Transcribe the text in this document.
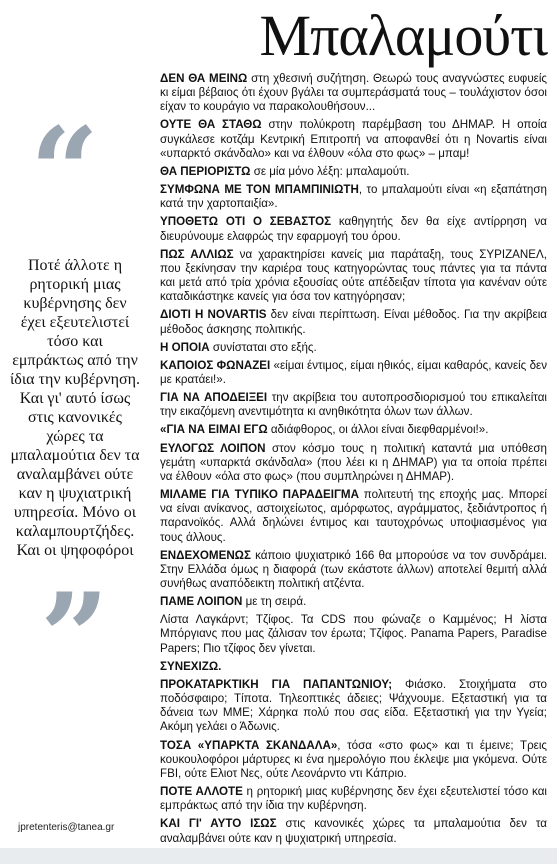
Μπαλαμούτι
“

Ποτέ άλλοτε η ρητορική μιας κυβέρνησης δεν έχει εξευτελιστεί τόσο και εμπράκτως από την ίδια την κυβέρνηση. Και γι' αυτό ίσως στις κανονικές χώρες τα μπαλαμούτια δεν τα αναλαμβάνει ούτε καν η ψυχιατρική υπηρεσία. Μόνο οι καλαμπουρτζήδες. Και οι ψηφοφόροι

”
jpretenteris@tanea.gr

ΔΕΝ ΘΑ ΜΕΙΝΩ στη χθεσινή συζήτηση. Θεωρώ τους αναγνώστες ευφυείς κι είμαι βέβαιος ότι έχουν βγάλει τα συμπεράσματά τους – τουλάχιστον όσοι είχαν το κουράγιο να παρακολουθήσουν...

ΟΥΤΕ ΘΑ ΣΤΑΘΩ στην πολύκροτη παρέμβαση του ΔΗΜΑΡ. Η οποία συγκάλεσε κοτζάμ Κεντρική Επιτροπή να αποφανθεί ότι η Novartis είναι «υπαρκτό σκάνδαλο» και να έλθουν «όλα στο φως» – μπαμ!

ΘΑ ΠΕΡΙΟΡΙΣΤΩ σε μία μόνο λέξη: μπαλαμούτι.

ΣΥΜΦΩΝΑ ΜΕ ΤΟΝ ΜΠΑΜΠΙΝΙΩΤΗ, το μπαλαμούτι είναι «η εξαπάτηση κατά την χαρτοπαιξία».

ΥΠΟΘΕΤΩ ΟΤΙ Ο ΣΕΒΑΣΤΟΣ καθηγητής δεν θα είχε αντίρρηση να διευρύνουμε ελαφρώς την εφαρμογή του όρου.

ΠΩΣ ΑΛΛΙΩΣ να χαρακτηρίσει κανείς μια παράταξη, τους ΣΥΡΙΖΑΝΕΛ, που ξεκίνησαν την καριέρα τους κατηγορώντας τους πάντες για τα πάντα και μετά από τρία χρόνια εξουσίας ούτε απέδειξαν τίποτα για κανέναν ούτε καταδικάστηκε κανείς για όσα τον κατηγόρησαν;

ΔΙΟΤΙ Η NOVARTIS δεν είναι περίπτωση. Είναι μέθοδος. Για την ακρίβεια μέθοδος άσκησης πολιτικής.

Η ΟΠΟΙΑ συνίσταται στο εξής.

ΚΑΠΟΙΟΣ ΦΩΝΑΖΕΙ «είμαι έντιμος, είμαι ηθικός, είμαι καθαρός, κανείς δεν με κρατάει!».

ΓΙΑ ΝΑ ΑΠΟΔΕΙΞΕΙ την ακρίβεια του αυτοπροσδιορισμού του επικαλείται την εικαζόμενη ανεντιμότητα κι ανηθικότητα όλων των άλλων.

«ΓΙΑ ΝΑ ΕΙΜΑΙ ΕΓΩ αδιάφθορος, οι άλλοι είναι διεφθαρμένοι!».

ΕΥΛΟΓΩΣ ΛΟΙΠΟΝ στον κόσμο τους η πολιτική καταντά μια υπόθεση γεμάτη «υπαρκτά σκάνδαλα» (που λέει κι η ΔΗΜΑΡ) για τα οποία πρέπει να έλθουν «όλα στο φως» (που συμπληρώνει η ΔΗΜΑΡ).

ΜΙΛΑΜΕ ΓΙΑ ΤΥΠΙΚΟ ΠΑΡΑΔΕΙΓΜΑ πολιτευτή της εποχής μας. Μπορεί να είναι ανίκανος, αστοιχείωτος, αμόρφωτος, αγράμματος, ξεδιάντροπος ή παρανοϊκός. Αλλά δηλώνει έντιμος και ταυτοχρόνως υποψιασμένος για τους άλλους.

ΕΝΔΕΧΟΜΕΝΩΣ κάποιο ψυχιατρικό 166 θα μπορούσε να τον συνδράμει. Στην Ελλάδα όμως η διαφορά (των εκάστοτε άλλων) αποτελεί θεμιτή αλλά συνήθως αναπόδεικτη πολιτική ατζέντα.

ΠΑΜΕ ΛΟΙΠΟΝ με τη σειρά.

Λίστα Λαγκάρντ; Τζίφος. Τα CDS που φώναζε ο Καμμένος; Η λίστα Μπόργιανς που μας ζάλισαν τον έρωτα; Τζίφος. Panama Papers, Paradise Papers; Πιο τζίφος δεν γίνεται.

ΣΥΝΕΧΙΖΩ.

ΠΡΟΚΑΤΑΡΚΤΙΚΗ ΓΙΑ ΠΑΠΑΝΤΩΝΙΟΥ; Φιάσκο. Στοιχήματα στο ποδόσφαιρο; Τίποτα. Τηλεοπτικές άδειες; Ψάχνουμε. Εξεταστική για τα δάνεια των ΜΜΕ; Χάρηκα πολύ που σας είδα. Εξεταστική για την Υγεία; Ακόμη γελάει ο Άδωνις.

ΤΟΣΑ «ΥΠΑΡΚΤΑ ΣΚΑΝΔΑΛΑ», τόσα «στο φως» και τι έμεινε; Τρεις κουκουλοφόροι μάρτυρες κι ένα ημερολόγιο που έκλεψε μια γκόμενα. Ούτε FBI, ούτε Ελιοτ Νες, ούτε Λεονάρντο ντι Κάπριο.

ΠΟΤΕ ΑΛΛΟΤΕ η ρητορική μιας κυβέρνησης δεν έχει εξευτελιστεί τόσο και εμπράκτως από την ίδια την κυβέρνηση.

ΚΑΙ ΓΙ' ΑΥΤΟ ΙΣΩΣ στις κανονικές χώρες τα μπαλαμούτια δεν τα αναλαμβάνει ούτε καν η ψυχιατρική υπηρεσία.
